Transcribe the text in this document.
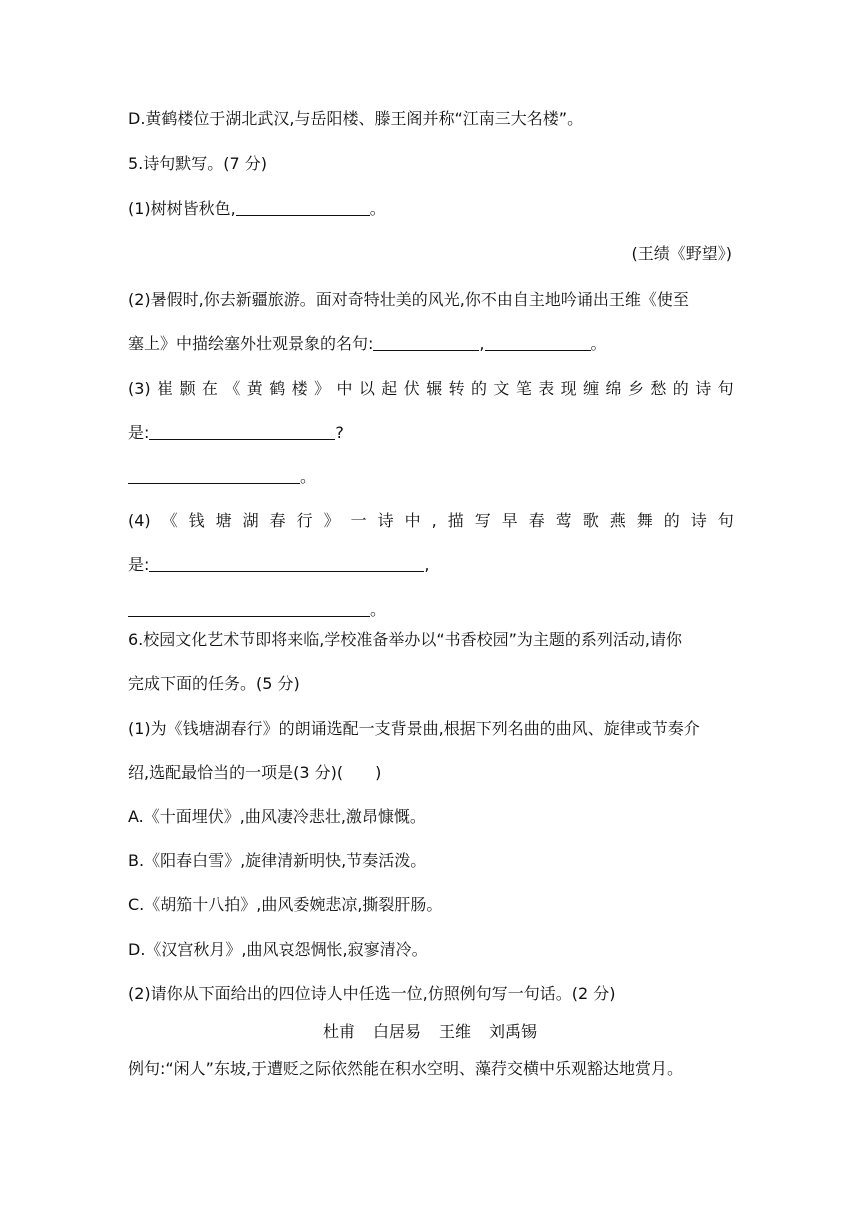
D.黄鹤楼位于湖北武汉,与岳阳楼、滕王阁并称“江南三大名楼”。
5.诗句默写。(7 分)
(1)树树皆秋色,	。
(王绩《野望》)
(2)暑假时,你去新疆旅游。面对奇特壮美的风光,你不由自主地吟诵出王维《使至
塞上》中描绘塞外壮观景象的名句:	,	。
(3) 崔 颢 在 《 黄 鹤 楼 》 中 以 起 伏 辗 转 的 文 笔 表 现 缠 绵 乡 愁 的 诗 句
是:	?
。
(4) 《 钱 塘 湖 春 行 》 一 诗 中 , 描 写 早 春 莺 歌 燕 舞 的 诗 句
是:	,
。
6.校园文化艺术节即将来临,学校准备举办以“书香校园”为主题的系列活动,请你
完成下面的任务。(5 分)
(1)为《钱塘湖春行》的朗诵选配一支背景曲,根据下列名曲的曲风、旋律或节奏介
绍,选配最恰当的一项是(3 分)(　　)
A.《十面埋伏》,曲风凄冷悲壮,激昂慷慨。
B.《阳春白雪》,旋律清新明快,节奏活泼。
C.《胡笳十八拍》,曲风委婉悲凉,撕裂肝肠。
D.《汉宫秋月》,曲风哀怨惆怅,寂寥清冷。
(2)请你从下面给出的四位诗人中任选一位,仿照例句写一句话。(2 分)
杜甫 白居易 王维 刘禹锡
例句:“闲人”东坡,于遭贬之际依然能在积水空明、藻荇交横中乐观豁达地赏月。
